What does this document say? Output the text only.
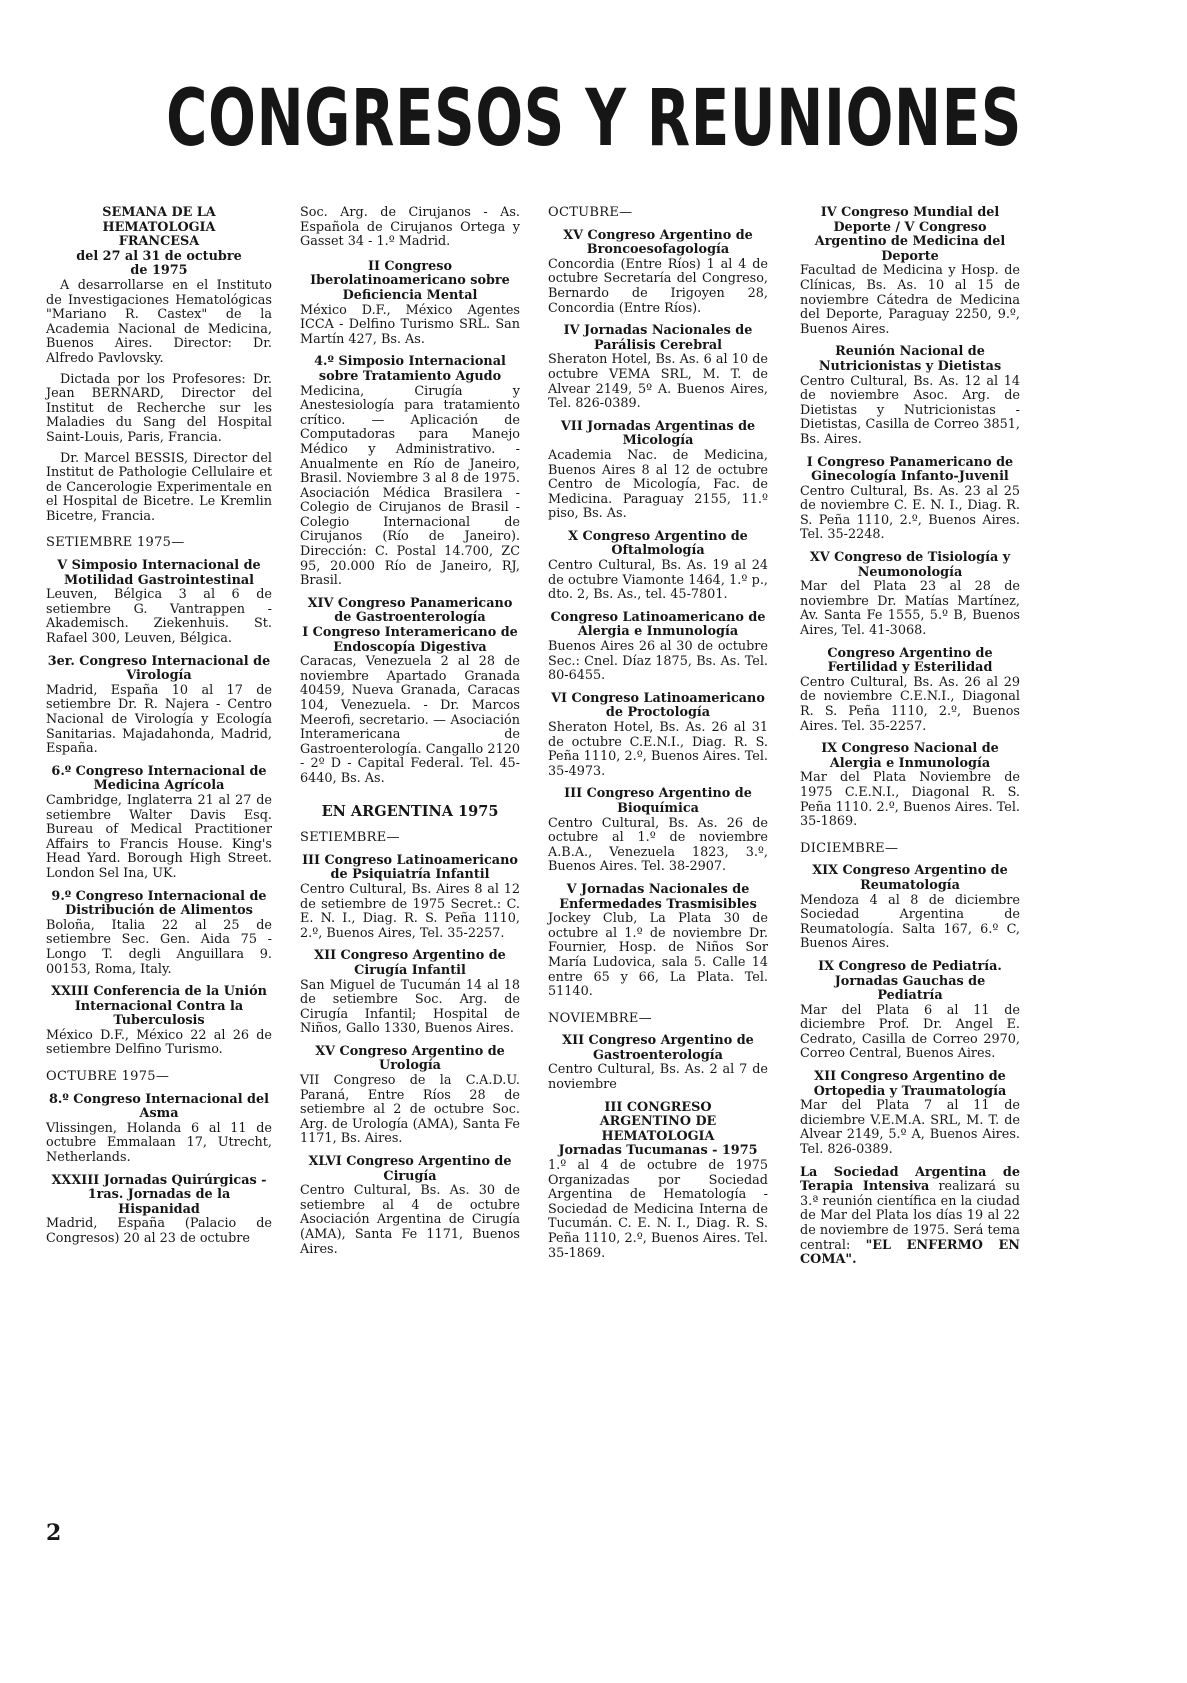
CONGRESOS Y REUNIONES
SEMANA DE LA HEMATOLOGIA FRANCESA
del 27 al 31 de octubre de 1975
A desarrollarse en el Instituto de Investigaciones Hematológicas "Mariano R. Castex" de la Academia Nacional de Medicina, Buenos Aires. Director: Dr. Alfredo Pavlovsky.
Dictada por los Profesores: Dr. Jean BERNARD, Director del Institut de Recherche sur les Maladies du Sang del Hospital Saint-Louis, Paris, Francia.
Dr. Marcel BESSIS, Director del Institut de Pathologie Cellulaire et de Cancerologie Experimentale en el Hospital de Bicetre. Le Kremlin Bicetre, Francia.
SETIEMBRE 1975—
V Simposio Internacional de Motilidad Gastrointestinal
Leuven, Bélgica 3 al 6 de setiembre G. Vantrappen - Akademisch. Ziekenhuis. St. Rafael 300, Leuven, Bélgica.
3er. Congreso Internacional de Virología
Madrid, España 10 al 17 de setiembre Dr. R. Najera - Centro Nacional de Virología y Ecología Sanitarias. Majadahonda, Madrid, España.
6.º Congreso Internacional de Medicina Agrícola
Cambridge, Inglaterra 21 al 27 de setiembre Walter Davis Esq. Bureau of Medical Practitioner Affairs to Francis House. King's Head Yard. Borough High Street. London Sel Ina, UK.
9.º Congreso Internacional de Distribución de Alimentos
Boloña, Italia 22 al 25 de setiembre Sec. Gen. Aida 75 - Longo T. degli Anguillara 9. 00153, Roma, Italy.
XXIII Conferencia de la Unión Internacional Contra la Tuberculosis
México D.F., México 22 al 26 de setiembre Delfino Turismo.
OCTUBRE 1975—
8.º Congreso Internacional del Asma
Vlissingen, Holanda 6 al 11 de octubre Emmalaan 17, Utrecht, Netherlands.
XXXIII Jornadas Quirúrgicas - 1ras. Jornadas de la Hispanidad
Madrid, España (Palacio de Congresos) 20 al 23 de octubre
Soc. Arg. de Cirujanos - As. Española de Cirujanos Ortega y Gasset 34 - 1.º Madrid.
II Congreso Iberolatinoamericano sobre Deficiencia Mental
México D.F., México Agentes ICCA - Delfino Turismo SRL. San Martín 427, Bs. As.
4.º Simposio Internacional sobre Tratamiento Agudo
Medicina, Cirugía y Anestesiología para tratamiento crítico. — Aplicación de Computadoras para Manejo Médico y Administrativo. - Anualmente en Río de Janeiro, Brasil. Noviembre 3 al 8 de 1975. Asociación Médica Brasilera - Colegio de Cirujanos de Brasil - Colegio Internacional de Cirujanos (Río de Janeiro). Dirección: C. Postal 14.700, ZC 95, 20.000 Río de Janeiro, RJ, Brasil.
XIV Congreso Panamericano de Gastroenterología
I Congreso Interamericano de Endoscopía Digestiva
Caracas, Venezuela 2 al 28 de noviembre Apartado Granada 40459, Nueva Granada, Caracas 104, Venezuela. - Dr. Marcos Meerofi, secretario. — Asociación Interamericana de Gastroenterología. Cangallo 2120 - 2º D - Capital Federal. Tel. 45-6440, Bs. As.
EN ARGENTINA 1975
SETIEMBRE—
III Congreso Latinoamericano de Psiquiatría Infantil
Centro Cultural, Bs. Aires 8 al 12 de setiembre de 1975 Secret.: C. E. N. I., Diag. R. S. Peña 1110, 2.º, Buenos Aires, Tel. 35-2257.
XII Congreso Argentino de Cirugía Infantil
San Miguel de Tucumán 14 al 18 de setiembre Soc. Arg. de Cirugía Infantil; Hospital de Niños, Gallo 1330, Buenos Aires.
XV Congreso Argentino de Urología
VII Congreso de la C.A.D.U. Paraná, Entre Ríos 28 de setiembre al 2 de octubre Soc. Arg. de Urología (AMA), Santa Fe 1171, Bs. Aires.
XLVI Congreso Argentino de Cirugía
Centro Cultural, Bs. As. 30 de setiembre al 4 de octubre Asociación Argentina de Cirugía (AMA), Santa Fe 1171, Buenos Aires.
OCTUBRE—
XV Congreso Argentino de Broncoesofagología
Concordia (Entre Ríos) 1 al 4 de octubre Secretaría del Congreso, Bernardo de Irigoyen 28, Concordia (Entre Ríos).
IV Jornadas Nacionales de Parálisis Cerebral
Sheraton Hotel, Bs. As. 6 al 10 de octubre VEMA SRL, M. T. de Alvear 2149, 5º A. Buenos Aires, Tel. 826-0389.
VII Jornadas Argentinas de Micología
Academia Nac. de Medicina, Buenos Aires 8 al 12 de octubre Centro de Micología, Fac. de Medicina. Paraguay 2155, 11.º piso, Bs. As.
X Congreso Argentino de Oftalmología
Centro Cultural, Bs. As. 19 al 24 de octubre Viamonte 1464, 1.º p., dto. 2, Bs. As., tel. 45-7801.
Congreso Latinoamericano de Alergia e Inmunología
Buenos Aires 26 al 30 de octubre Sec.: Cnel. Díaz 1875, Bs. As. Tel. 80-6455.
VI Congreso Latinoamericano de Proctología
Sheraton Hotel, Bs. As. 26 al 31 de octubre C.E.N.I., Diag. R. S. Peña 1110, 2.º, Buenos Aires. Tel. 35-4973.
III Congreso Argentino de Bioquímica
Centro Cultural, Bs. As. 26 de octubre al 1.º de noviembre A.B.A., Venezuela 1823, 3.º, Buenos Aires. Tel. 38-2907.
V Jornadas Nacionales de Enfermedades Trasmisibles
Jockey Club, La Plata 30 de octubre al 1.º de noviembre Dr. Fournier, Hosp. de Niños Sor María Ludovica, sala 5. Calle 14 entre 65 y 66, La Plata. Tel. 51140.
NOVIEMBRE—
XII Congreso Argentino de Gastroenterología
Centro Cultural, Bs. As. 2 al 7 de noviembre
III CONGRESO ARGENTINO DE HEMATOLOGIA
Jornadas Tucumanas - 1975
1.º al 4 de octubre de 1975 Organizadas por Sociedad Argentina de Hematología - Sociedad de Medicina Interna de Tucumán. C. E. N. I., Diag. R. S. Peña 1110, 2.º, Buenos Aires. Tel. 35-1869.
IV Congreso Mundial del Deporte / V Congreso Argentino de Medicina del Deporte
Facultad de Medicina y Hosp. de Clínicas, Bs. As. 10 al 15 de noviembre Cátedra de Medicina del Deporte, Paraguay 2250, 9.º, Buenos Aires.
Reunión Nacional de Nutricionistas y Dietistas
Centro Cultural, Bs. As. 12 al 14 de noviembre Asoc. Arg. de Dietistas y Nutricionistas - Dietistas, Casilla de Correo 3851, Bs. Aires.
I Congreso Panamericano de Ginecología Infanto-Juvenil
Centro Cultural, Bs. As. 23 al 25 de noviembre C. E. N. I., Diag. R. S. Peña 1110, 2.º, Buenos Aires. Tel. 35-2248.
XV Congreso de Tisiología y Neumonología
Mar del Plata 23 al 28 de noviembre Dr. Matías Martínez, Av. Santa Fe 1555, 5.º B, Buenos Aires, Tel. 41-3068.
Congreso Argentino de Fertilidad y Esterilidad
Centro Cultural, Bs. As. 26 al 29 de noviembre C.E.N.I., Diagonal R. S. Peña 1110, 2.º, Buenos Aires. Tel. 35-2257.
IX Congreso Nacional de Alergia e Inmunología
Mar del Plata Noviembre de 1975 C.E.N.I., Diagonal R. S. Peña 1110. 2.º, Buenos Aires. Tel. 35-1869.
DICIEMBRE—
XIX Congreso Argentino de Reumatología
Mendoza 4 al 8 de diciembre Sociedad Argentina de Reumatología. Salta 167, 6.º C, Buenos Aires.
IX Congreso de Pediatría. Jornadas Gauchas de Pediatría
Mar del Plata 6 al 11 de diciembre Prof. Dr. Angel E. Cedrato, Casilla de Correo 2970, Correo Central, Buenos Aires.
XII Congreso Argentino de Ortopedia y Traumatología
Mar del Plata 7 al 11 de diciembre V.E.M.A. SRL, M. T. de Alvear 2149, 5.º A, Buenos Aires. Tel. 826-0389.
La Sociedad Argentina de Terapia Intensiva realizará su 3.ª reunión científica en la ciudad de Mar del Plata los días 19 al 22 de noviembre de 1975. Será tema central: "EL ENFERMO EN COMA".
2
